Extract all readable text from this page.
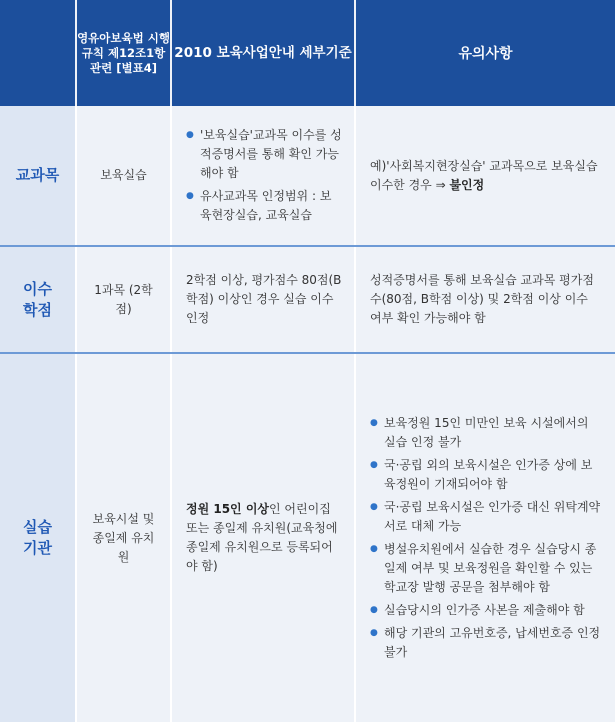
영유아보육법 시행규칙 제12조1항 관련 [별표4]
2010 보육사업안내 세부기준	유의사항
교과목	보육실습
● '보육실습'교과목 이수를 성적증명서를 통해 확인 가능해야 함
● 유사교과목 인정범위 : 보육현장실습, 교육실습
예)'사회복지현장실습' 교과목으로 보육실습 이수한 경우 ⇒ 불인정
이수 학점
1과목 (2학점)
2학점 이상, 평가점수 80점(B학점) 이상인 경우 실습 이수 인정
성적증명서를 통해 보육실습 교과목 평가점수(80점, B학점 이상) 및 2학점 이상 이수 여부 확인 가능해야 함
실습 기관
보육시설 및 종일제 유치원
정원 15인 이상인 어린이집 또는 종일제 유치원(교육청에 종일제 유치원으로 등록되어야 함)
● 보육정원 15인 미만인 보육 시설에서의 실습 인정 불가
● 국·공립 외의 보육시설은 인가증 상에 보육정원이 기재되어야 함
● 국·공립 보육시설은 인가증 대신 위탁계약서로 대체 가능
● 병설유치원에서 실습한 경우 실습당시 종일제 여부 및 보육정원을 확인할 수 있는 학교장 발행 공문을 첨부해야 함
● 실습당시의 인가증 사본을 제출해야 함
● 해당 기관의 고유번호증, 납세번호증 인정 불가
